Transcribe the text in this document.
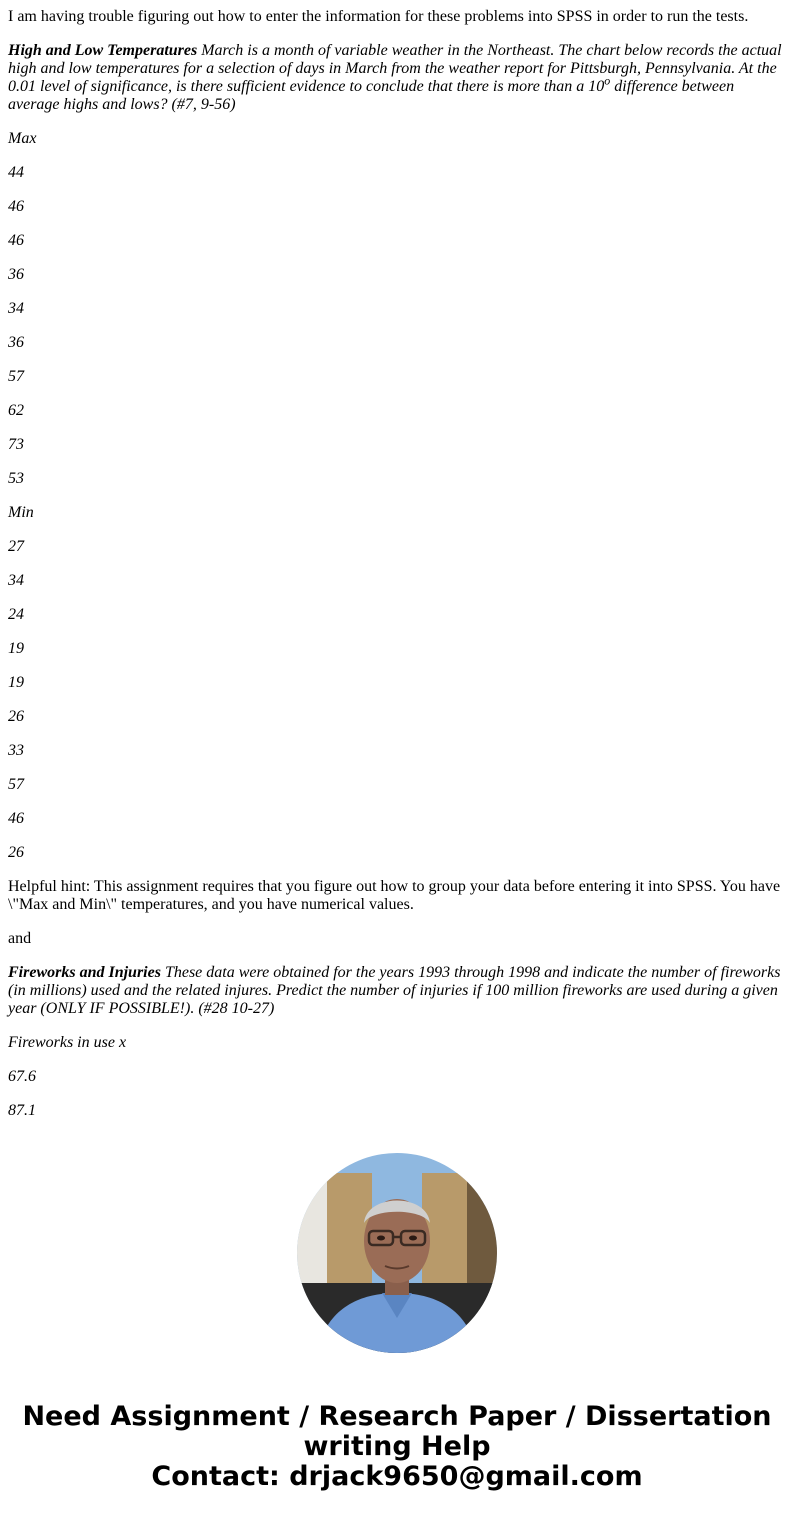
I am having trouble figuring out how to enter the information for these problems into SPSS in order to run the tests.

High and Low Temperatures March is a month of variable weather in the Northeast. The chart below records the actual high and low temperatures for a selection of days in March from the weather report for Pittsburgh, Pennsylvania. At the 0.01 level of significance, is there sufficient evidence to conclude that there is more than a 10$^o$ difference between average highs and lows? (#7, 9-56)

Max

44

46

46

36

34

36

57

62

73

53

Min

27

34

24

19

19

26

33

57

46

26

Helpful hint: This assignment requires that you figure out how to group your data before entering it into SPSS. You have \"Max and Min\" temperatures, and you have numerical values.

and

Fireworks and Injuries These data were obtained for the years 1993 through 1998 and indicate the number of fireworks (in millions) used and the related injures. Predict the number of injuries if 100 million fireworks are used during a given year (ONLY IF POSSIBLE!). (#28 10-27)

Fireworks in use x

67.6

87.1

Need Assignment / Research Paper / Dissertation writing Help
Contact: drjack9650@gmail.com
